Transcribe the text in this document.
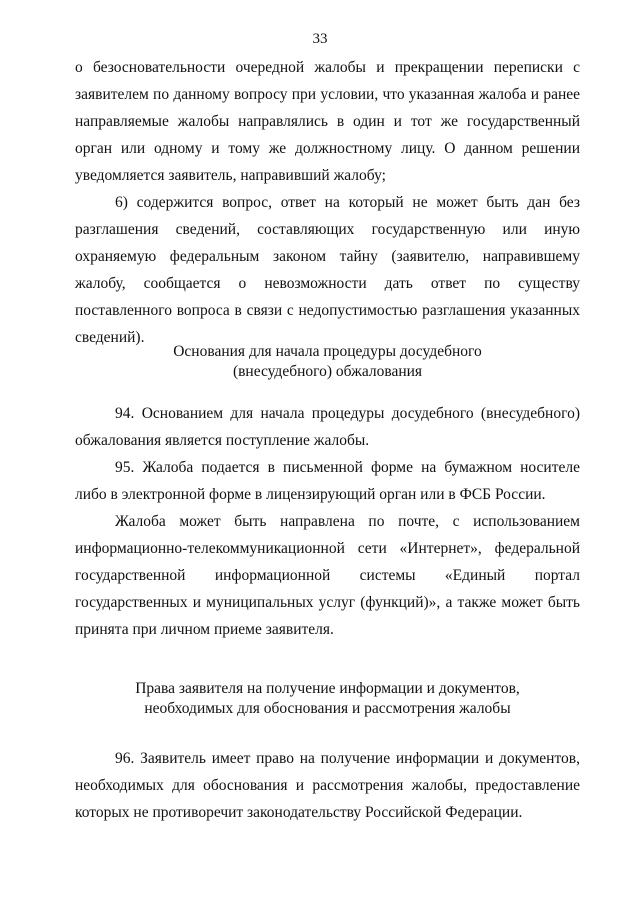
33

о безосновательности очередной жалобы и прекращении переписки с заявителем по данному вопросу при условии, что указанная жалоба и ранее направляемые жалобы направлялись в один и тот же государственный орган или одному и тому же должностному лицу. О данном решении уведомляется заявитель, направивший жалобу;

6) содержится вопрос, ответ на который не может быть дан без разглашения сведений, составляющих государственную или иную охраняемую федеральным законом тайну (заявителю, направившему жалобу, сообщается о невозможности дать ответ по существу поставленного вопроса в связи с недопустимостью разглашения указанных сведений).

Основания для начала процедуры досудебного
(внесудебного) обжалования

94. Основанием для начала процедуры досудебного (внесудебного) обжалования является поступление жалобы.

95. Жалоба подается в письменной форме на бумажном носителе либо в электронной форме в лицензирующий орган или в ФСБ России.

Жалоба может быть направлена по почте, с использованием информационно-телекоммуникационной сети «Интернет», федеральной государственной информационной системы «Единый портал государственных и муниципальных услуг (функций)», а также может быть принята при личном приеме заявителя.

Права заявителя на получение информации и документов,
необходимых для обоснования и рассмотрения жалобы

96. Заявитель имеет право на получение информации и документов, необходимых для обоснования и рассмотрения жалобы, предоставление которых не противоречит законодательству Российской Федерации.
